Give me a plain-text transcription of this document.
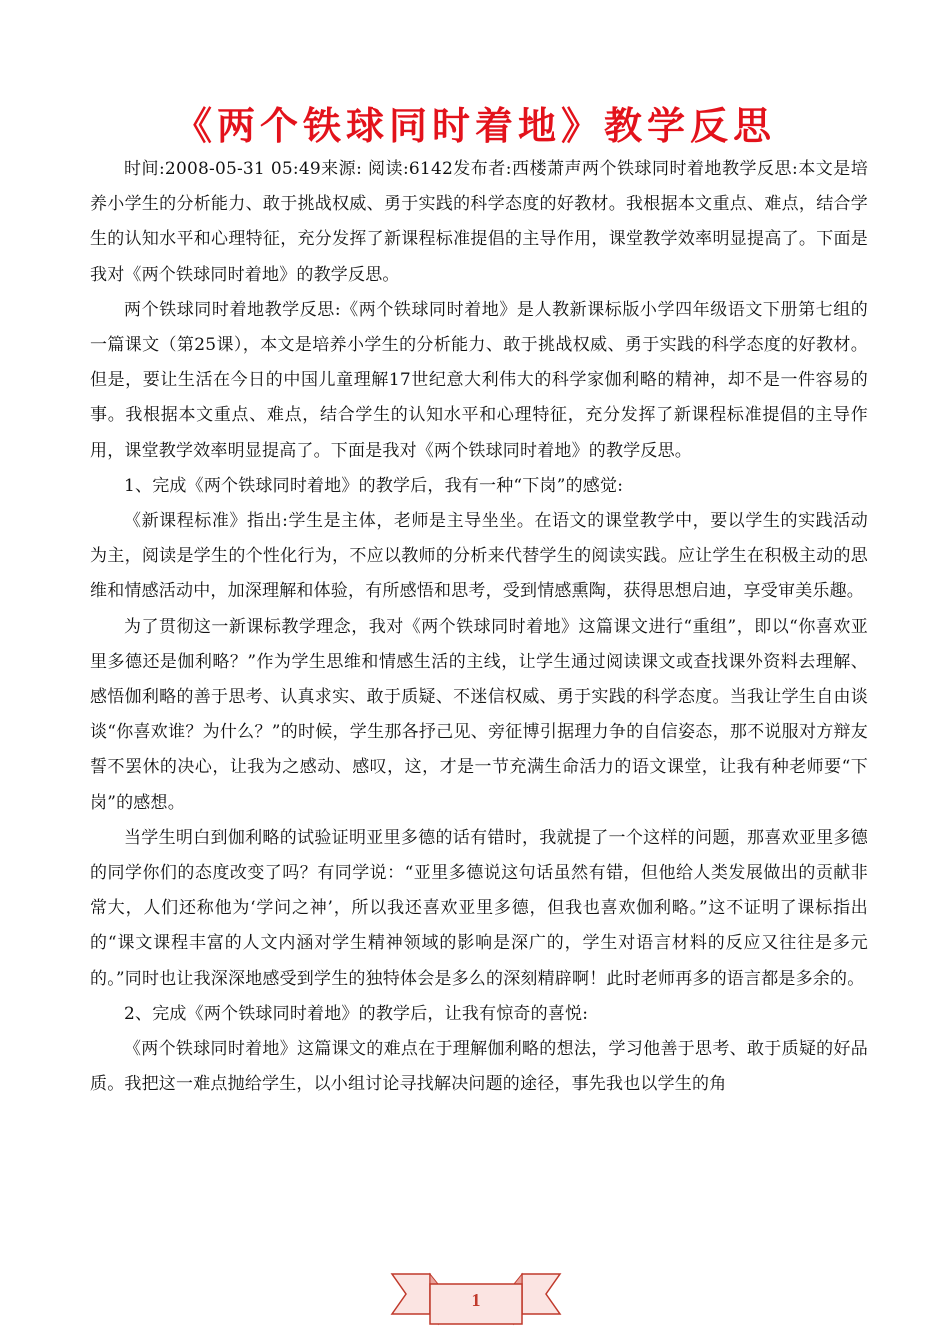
《两个铁球同时着地》教学反思

时间:2008-05-31 05:49来源: 阅读:6142发布者:西楼萧声两个铁球同时着地教学反思:本文是培养小学生的分析能力、敢于挑战权威、勇于实践的科学态度的好教材。我根据本文重点、难点，结合学生的认知水平和心理特征，充分发挥了新课程标准提倡的主导作用，课堂教学效率明显提高了。下面是我对《两个铁球同时着地》的教学反思。

两个铁球同时着地教学反思:《两个铁球同时着地》是人教新课标版小学四年级语文下册第七组的一篇课文（第25课），本文是培养小学生的分析能力、敢于挑战权威、勇于实践的科学态度的好教材。但是，要让生活在今日的中国儿童理解17世纪意大利伟大的科学家伽利略的精神，却不是一件容易的事。我根据本文重点、难点，结合学生的认知水平和心理特征，充分发挥了新课程标准提倡的主导作用，课堂教学效率明显提高了。下面是我对《两个铁球同时着地》的教学反思。

1、完成《两个铁球同时着地》的教学后，我有一种“下岗”的感觉:

《新课程标准》指出:学生是主体，老师是主导坐坐。在语文的课堂教学中，要以学生的实践活动为主，阅读是学生的个性化行为，不应以教师的分析来代替学生的阅读实践。应让学生在积极主动的思维和情感活动中，加深理解和体验，有所感悟和思考，受到情感熏陶，获得思想启迪，享受审美乐趣。

为了贯彻这一新课标教学理念，我对《两个铁球同时着地》这篇课文进行“重组”，即以“你喜欢亚里多德还是伽利略？”作为学生思维和情感生活的主线，让学生通过阅读课文或查找课外资料去理解、感悟伽利略的善于思考、认真求实、敢于质疑、不迷信权威、勇于实践的科学态度。当我让学生自由谈谈“你喜欢谁？为什么？”的时候，学生那各抒己见、旁征博引据理力争的自信姿态，那不说服对方辩友誓不罢休的决心，让我为之感动、感叹，这，才是一节充满生命活力的语文课堂，让我有种老师要“下岗”的感想。

当学生明白到伽利略的试验证明亚里多德的话有错时，我就提了一个这样的问题，那喜欢亚里多德的同学你们的态度改变了吗？有同学说：“亚里多德说这句话虽然有错，但他给人类发展做出的贡献非常大，人们还称他为‘学问之神’，所以我还喜欢亚里多德，但我也喜欢伽利略。”这不证明了课标指出的“课文课程丰富的人文内涵对学生精神领域的影响是深广的，学生对语言材料的反应又往往是多元的。”同时也让我深深地感受到学生的独特体会是多么的深刻精辟啊！此时老师再多的语言都是多余的。

2、完成《两个铁球同时着地》的教学后，让我有惊奇的喜悦:

《两个铁球同时着地》这篇课文的难点在于理解伽利略的想法，学习他善于思考、敢于质疑的好品质。我把这一难点抛给学生，以小组讨论寻找解决问题的途径，事先我也以学生的角

1
